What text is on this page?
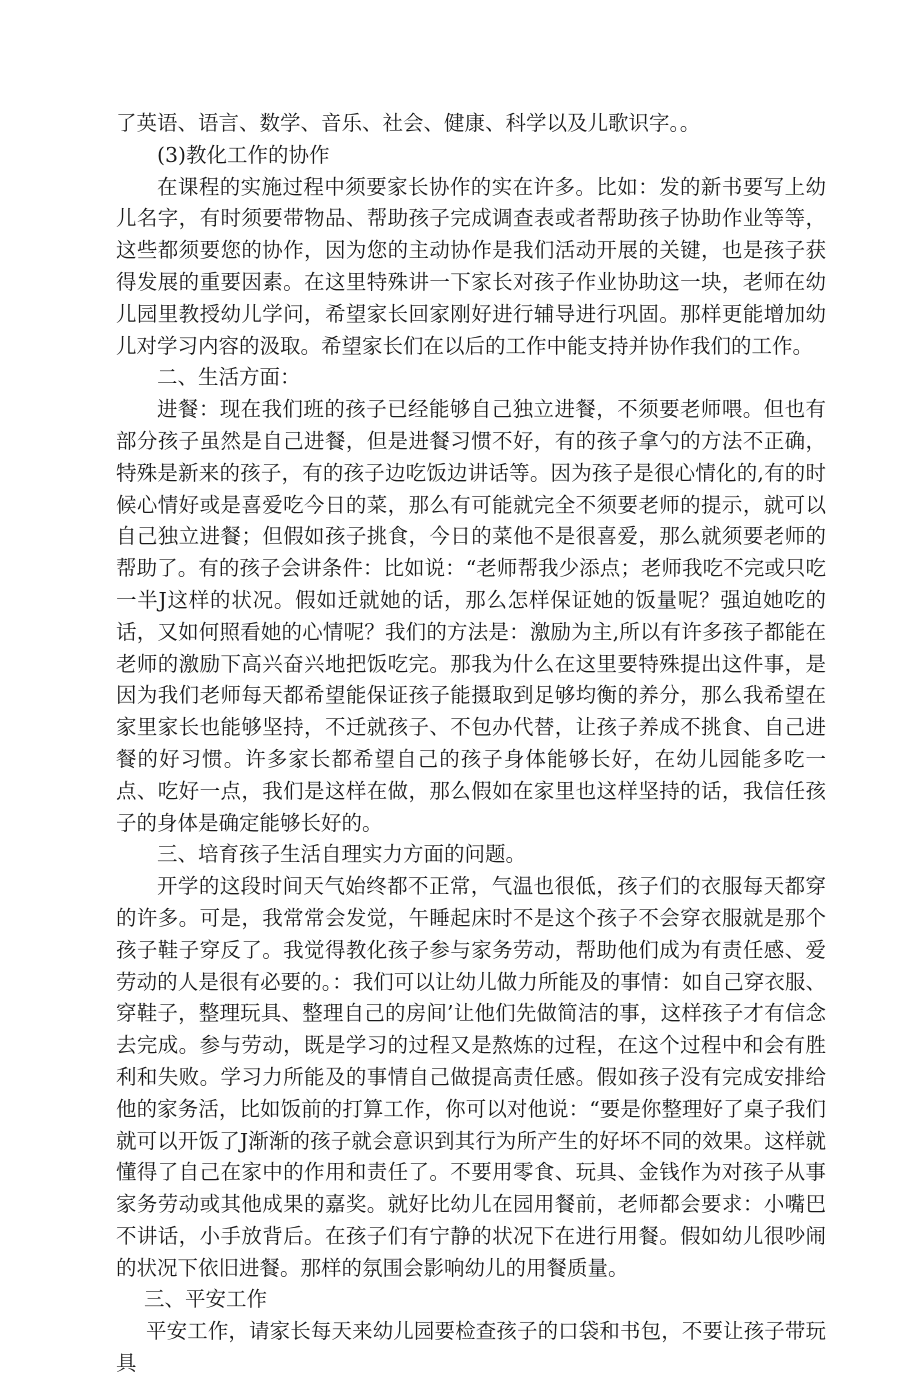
了英语、语言、数学、音乐、社会、健康、科学以及儿歌识字。。

(3)教化工作的协作

在课程的实施过程中须要家长协作的实在许多。比如：发的新书要写上幼儿名字，有时须要带物品、帮助孩子完成调查表或者帮助孩子协助作业等等，这些都须要您的协作，因为您的主动协作是我们活动开展的关键，也是孩子获得发展的重要因素。在这里特殊讲一下家长对孩子作业协助这一块，老师在幼儿园里教授幼儿学问，希望家长回家刚好进行辅导进行巩固。那样更能增加幼儿对学习内容的汲取。希望家长们在以后的工作中能支持并协作我们的工作。

二、生活方面：

进餐：现在我们班的孩子已经能够自己独立进餐，不须要老师喂。但也有部分孩子虽然是自己进餐，但是进餐习惯不好，有的孩子拿勺的方法不正确，特殊是新来的孩子，有的孩子边吃饭边讲话等。因为孩子是很心情化的,有的时候心情好或是喜爱吃今日的菜，那么有可能就完全不须要老师的提示，就可以自己独立进餐；但假如孩子挑食，今日的菜他不是很喜爱，那么就须要老师的帮助了。有的孩子会讲条件：比如说：“老师帮我少添点；老师我吃不完或只吃一半J这样的状况。假如迁就她的话，那么怎样保证她的饭量呢？强迫她吃的话，又如何照看她的心情呢？我们的方法是：激励为主,所以有许多孩子都能在老师的激励下高兴奋兴地把饭吃完。那我为什么在这里要特殊提出这件事，是因为我们老师每天都希望能保证孩子能摄取到足够均衡的养分，那么我希望在家里家长也能够坚持，不迁就孩子、不包办代替，让孩子养成不挑食、自己进餐的好习惯。许多家长都希望自己的孩子身体能够长好，在幼儿园能多吃一点、吃好一点，我们是这样在做，那么假如在家里也这样坚持的话，我信任孩子的身体是确定能够长好的。

三、培育孩子生活自理实力方面的问题。

开学的这段时间天气始终都不正常，气温也很低，孩子们的衣服每天都穿的许多。可是，我常常会发觉，午睡起床时不是这个孩子不会穿衣服就是那个孩子鞋子穿反了。我觉得教化孩子参与家务劳动，帮助他们成为有责任感、爱劳动的人是很有必要的。：我们可以让幼儿做力所能及的事情：如自己穿衣服、穿鞋子，整理玩具、整理自己的房间’让他们先做简洁的事，这样孩子才有信念去完成。参与劳动，既是学习的过程又是熬炼的过程，在这个过程中和会有胜利和失败。学习力所能及的事情自己做提高责任感。假如孩子没有完成安排给他的家务活，比如饭前的打算工作，你可以对他说：“要是你整理好了桌子我们就可以开饭了J渐渐的孩子就会意识到其行为所产生的好坏不同的效果。这样就懂得了自己在家中的作用和责任了。不要用零食、玩具、金钱作为对孩子从事家务劳动或其他成果的嘉奖。就好比幼儿在园用餐前，老师都会要求：小嘴巴不讲话，小手放背后。在孩子们有宁静的状况下在进行用餐。假如幼儿很吵闹的状况下依旧进餐。那样的氛围会影响幼儿的用餐质量。

三、平安工作

平安工作，请家长每天来幼儿园要检查孩子的口袋和书包，不要让孩子带玩具
